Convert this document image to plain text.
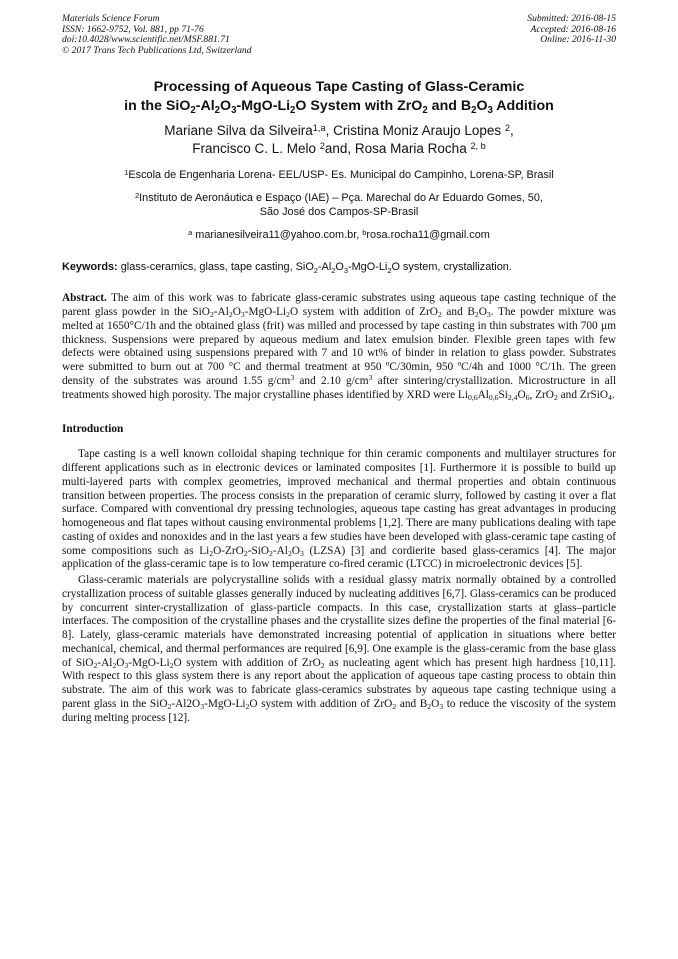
Materials Science Forum
ISSN: 1662-9752, Vol. 881, pp 71-76
doi:10.4028/www.scientific.net/MSF.881.71
© 2017 Trans Tech Publications Ltd, Switzerland
Submitted: 2016-08-15
Accepted: 2016-08-16
Online: 2016-11-30
Processing of Aqueous Tape Casting of Glass-Ceramic
in the $SiO_2-Al_2O_3-MgO-Li_2O$ System with ZrO$_2$ and $B_2O_3$ Addition
Mariane Silva da Silveira$^{1,a}$, Cristina Moniz Araujo Lopes $^2$,
Francisco C. L. Melo $^2$and, Rosa Maria Rocha $^{2, b}$
$^1$Escola de Engenharia Lorena- EEL/USP- Es. Municipal do Campinho, Lorena-SP, Brasil
$^2$Instituto de Aeronáutica e Espaço (IAE) – Pça. Marechal do Ar Eduardo Gomes, 50,
São José dos Campos-SP-Brasil
$^a$ marianesilveira11@yahoo.com.br, $^b$rosa.rocha11@gmail.com
Keywords: glass-ceramics, glass, tape casting, $SiO_2-Al_2O_3-MgO-Li_2O$ system, crystallization.
Abstract. The aim of this work was to fabricate glass-ceramic substrates using aqueous tape casting technique of the parent glass powder in the $SiO_2-Al_2O_3-MgO-Li_2O$ system with addition of ZrO$_2$ and $B_2O_3$. The powder mixture was melted at 1650°C/1h and the obtained glass (frit) was milled and processed by tape casting in thin substrates with 700 µm thickness. Suspensions were prepared by aqueous medium and latex emulsion binder. Flexible green tapes with few defects were obtained using suspensions prepared with 7 and 10 wt% of binder in relation to glass powder. Substrates were submitted to burn out at 700 °C and thermal treatment at 950 ºC/30min, 950 ºC/4h and 1000 °C/1h. The green density of the substrates was around 1.55 $g/cm^3$ and 2.10 $g/cm^3$ after sintering/crystallization. Microstructure in all treatments showed high porosity. The major crystalline phases identified by XRD were $Li_{0,6}Al_{0,6}Si_{2,4}O_6$, ZrO$_2$ and ZrSiO$_4$.
Introduction

Tape casting is a well known colloidal shaping technique for thin ceramic components and multilayer structures for different applications such as in electronic devices or laminated composites [1]. Furthermore it is possible to build up multi-layered parts with complex geometries, improved mechanical and thermal properties and obtain continuous transition between properties. The process consists in the preparation of ceramic slurry, followed by casting it over a flat surface. Compared with conventional dry pressing technologies, aqueous tape casting has great advantages in producing homogeneous and flat tapes without causing environmental problems [1,2]. There are many publications dealing with tape casting of oxides and nonoxides and in the last years a few studies have been developed with glass-ceramic tape casting of some compositions such as $Li_2O-ZrO_2-SiO_2-Al_2O_3$ (LZSA) [3] and cordierite based glass-ceramics [4]. The major application of the glass-ceramic tape is to low temperature co-fired ceramic (LTCC) in microelectronic devices [5].

Glass-ceramic materials are polycrystalline solids with a residual glassy matrix normally obtained by a controlled crystallization process of suitable glasses generally induced by nucleating additives [6,7]. Glass-ceramics can be produced by concurrent sinter-crystallization of glass-particle compacts. In this case, crystallization starts at glass–particle interfaces. The composition of the crystalline phases and the crystallite sizes define the properties of the final material [6-8]. Lately, glass-ceramic materials have demonstrated increasing potential of application in situations where better mechanical, chemical, and thermal performances are required [6,9]. One example is the glass-ceramic from the base glass of $SiO_2-Al_2O_3-MgO-Li_2O$ system with addition of ZrO$_2$ as nucleating agent which has present high hardness [10,11]. With respect to this glass system there is any report about the application of aqueous tape casting process to obtain thin substrate. The aim of this work was to fabricate glass-ceramics substrates by aqueous tape casting technique using a parent glass in the $SiO_2-Al2O_3-MgO-Li_2O$ system with addition of ZrO$_2$ and $B_2O_3$ to reduce the viscosity of the system during melting process [12].
